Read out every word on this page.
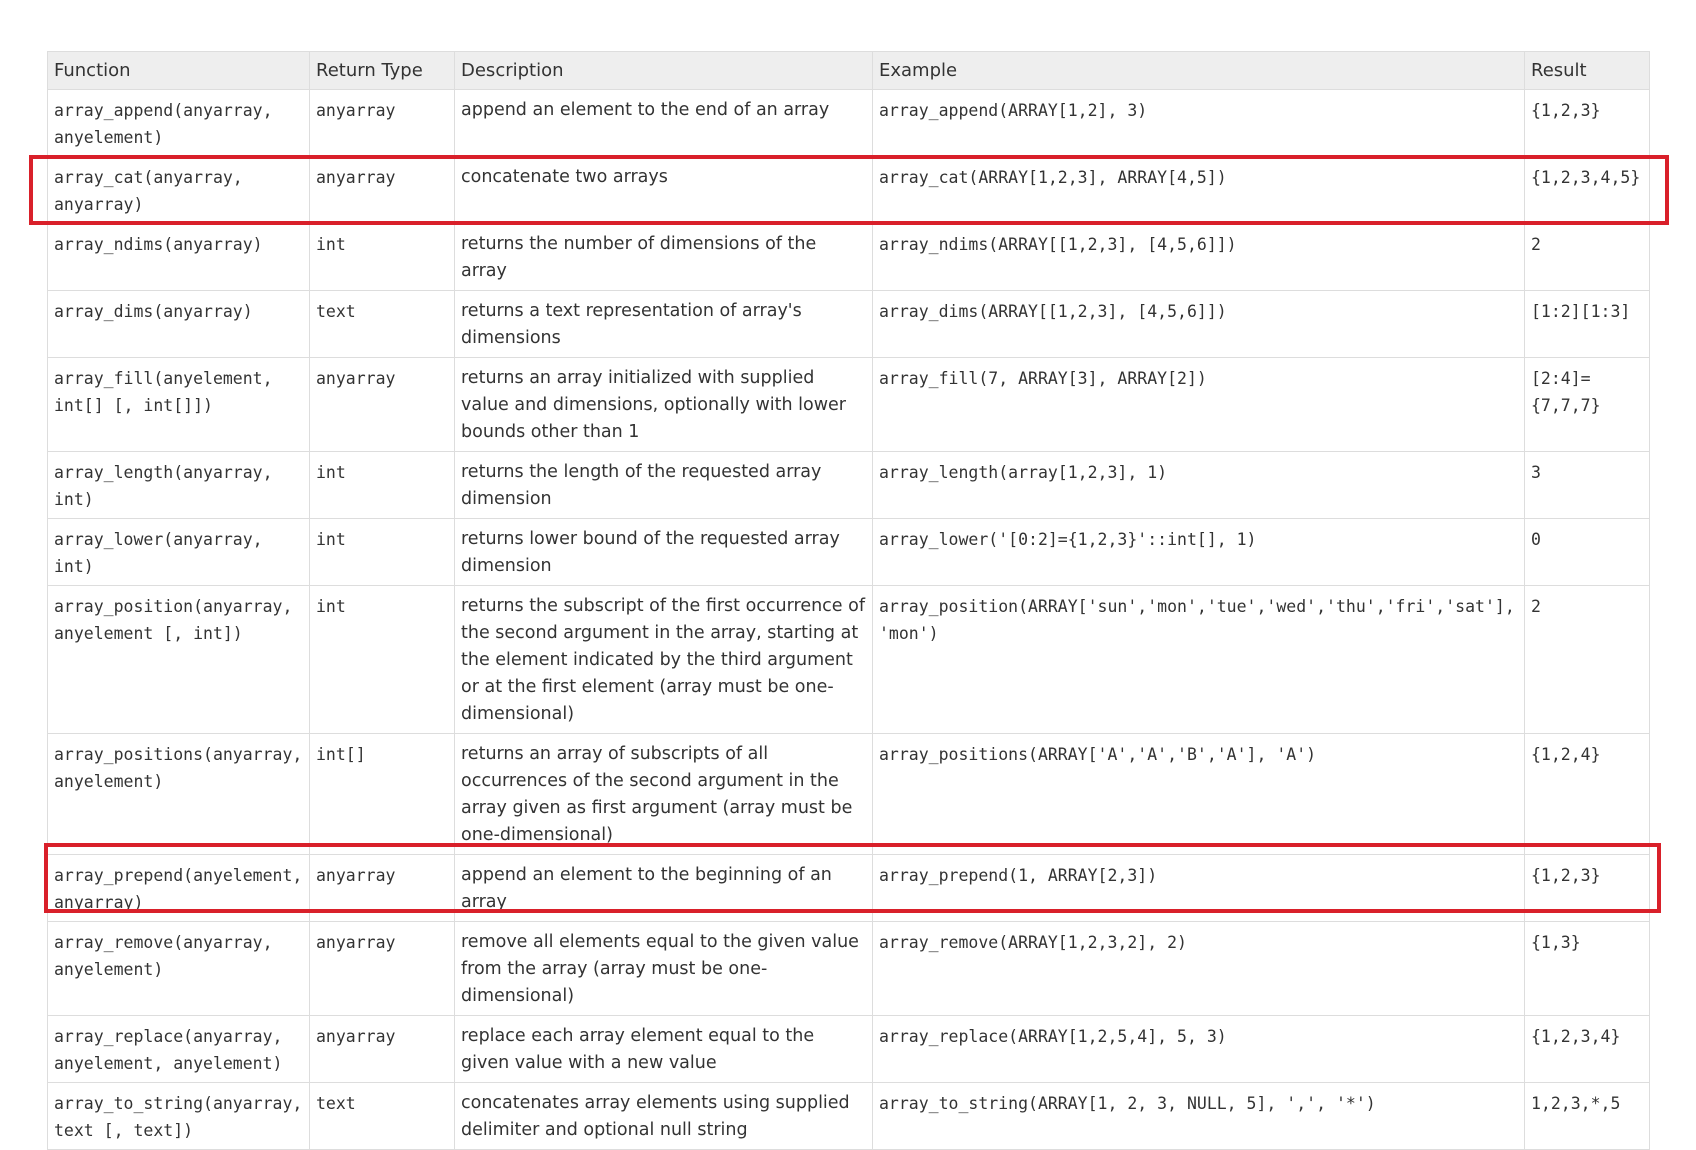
Function	Return Type	Description	Example	Result
array_append(anyarray, anyelement)	anyarray	append an element to the end of an array	array_append(ARRAY[1,2], 3)	{1,2,3}
array_cat(anyarray, anyarray)	anyarray	concatenate two arrays	array_cat(ARRAY[1,2,3], ARRAY[4,5])	{1,2,3,4,5}
array_ndims(anyarray)	int	returns the number of dimensions of the array	array_ndims(ARRAY[[1,2,3], [4,5,6]])	2
array_dims(anyarray)	text	returns a text representation of array's dimensions	array_dims(ARRAY[[1,2,3], [4,5,6]])	[1:2][1:3]
array_fill(anyelement, int[] [, int[]])	anyarray	returns an array initialized with supplied value and dimensions, optionally with lower bounds other than 1	array_fill(7, ARRAY[3], ARRAY[2])	[2:4]={7,7,7}
array_length(anyarray, int)	int	returns the length of the requested array dimension	array_length(array[1,2,3], 1)	3
array_lower(anyarray, int)	int	returns lower bound of the requested array dimension	array_lower('[0:2]={1,2,3}'::int[], 1)	0
array_position(anyarray, anyelement [, int])	int	returns the subscript of the first occurrence of the second argument in the array, starting at the element indicated by the third argument or at the first element (array must be one-dimensional)	array_position(ARRAY['sun','mon','tue','wed','thu','fri','sat'], 'mon')	2
array_positions(anyarray, anyelement)	int[]	returns an array of subscripts of all occurrences of the second argument in the array given as first argument (array must be one-dimensional)	array_positions(ARRAY['A','A','B','A'], 'A')	{1,2,4}
array_prepend(anyelement, anyarray)	anyarray	append an element to the beginning of an array	array_prepend(1, ARRAY[2,3])	{1,2,3}
array_remove(anyarray, anyelement)	anyarray	remove all elements equal to the given value from the array (array must be one-dimensional)	array_remove(ARRAY[1,2,3,2], 2)	{1,3}
array_replace(anyarray, anyelement, anyelement)	anyarray	replace each array element equal to the given value with a new value	array_replace(ARRAY[1,2,5,4], 5, 3)	{1,2,3,4}
array_to_string(anyarray, text [, text])	text	concatenates array elements using supplied delimiter and optional null string	array_to_string(ARRAY[1, 2, 3, NULL, 5], ',', '*')	1,2,3,*,5
